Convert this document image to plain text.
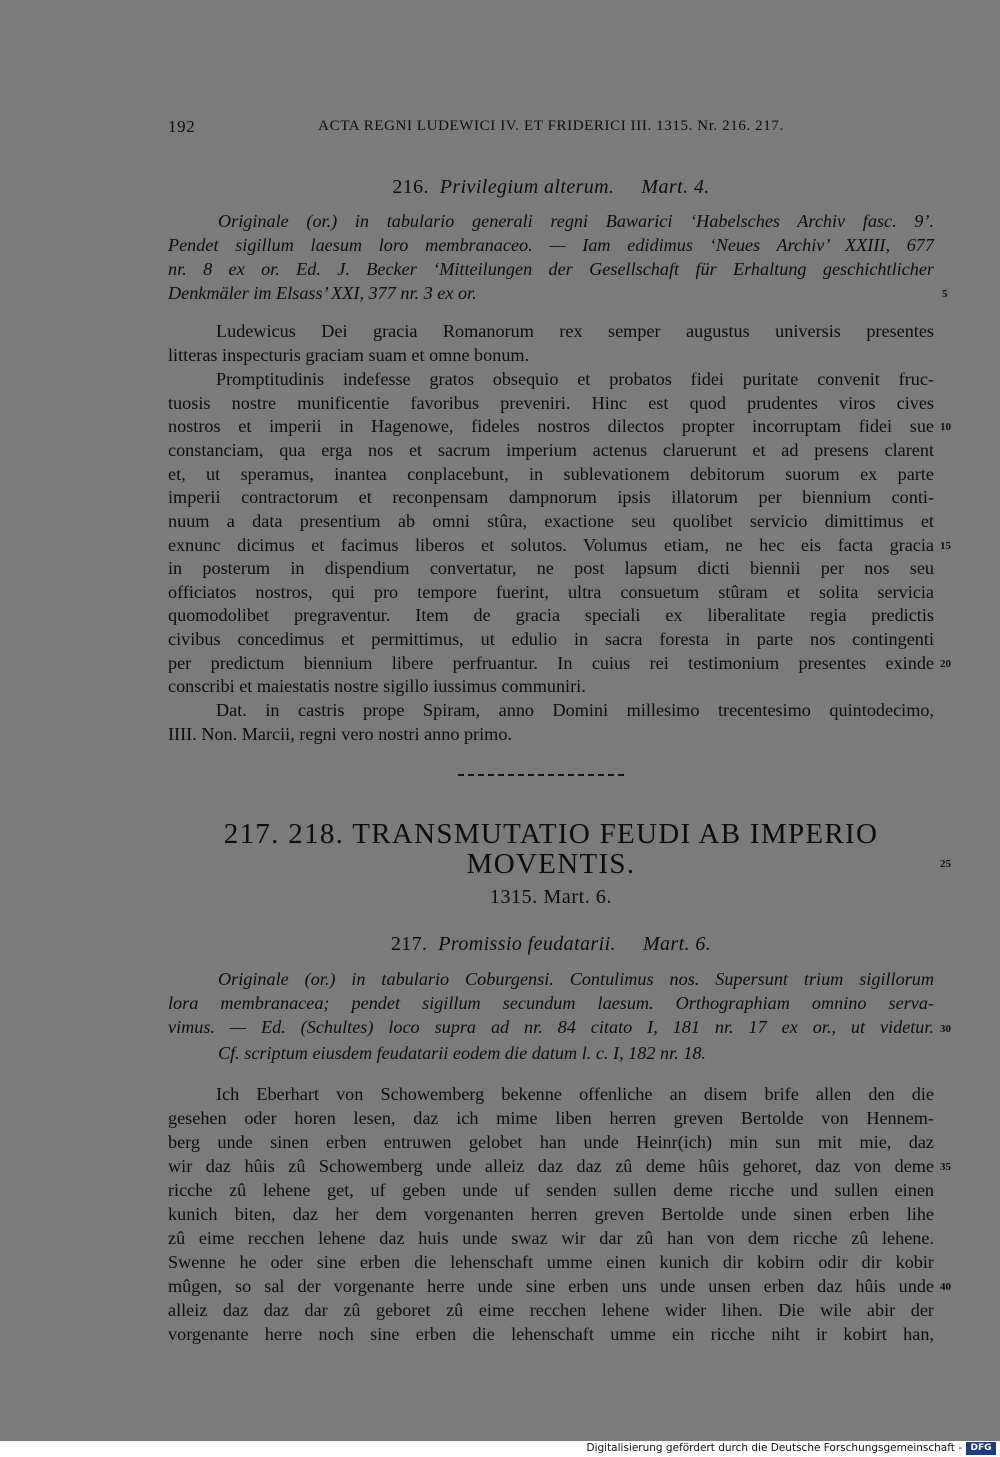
192	ACTA REGNI LUDEWICI IV. ET FRIDERICI III. 1315. Nr. 216. 217.
216. Privilegium alterum. Mart. 4.
Originale (or.) in tabulario generali regni Bawarici ‘Habelsches Archiv fasc. 9’.
Pendet sigillum laesum loro membranaceo. — Iam edidimus ‘Neues Archiv’ XXIII, 677
nr. 8 ex or. Ed. J. Becker ‘Mitteilungen der Gesellschaft für Erhaltung geschichtlicher
Denkmäler im Elsass’ XXI, 377 nr. 3 ex or.
Ludewicus Dei gracia Romanorum rex semper augustus universis presentes
litteras inspecturis graciam suam et omne bonum.
Promptitudinis indefesse gratos obsequio et probatos fidei puritate convenit fruc-
tuosis nostre munificentie favoribus preveniri. Hinc est quod prudentes viros cives
nostros et imperii in Hagenowe, fideles nostros dilectos propter incorruptam fidei sue
constanciam, qua erga nos et sacrum imperium actenus claruerunt et ad presens clarent
et, ut speramus, inantea conplacebunt, in sublevationem debitorum suorum ex parte
imperii contractorum et reconpensam dampnorum ipsis illatorum per biennium conti-
nuum a data presentium ab omni stûra, exactione seu quolibet servicio dimittimus et
exnunc dicimus et facimus liberos et solutos. Volumus etiam, ne hec eis facta gracia
in posterum in dispendium convertatur, ne post lapsum dicti biennii per nos seu
officiatos nostros, qui pro tempore fuerint, ultra consuetum stûram et solita servicia
quomodolibet pregraventur. Item de gracia speciali ex liberalitate regia predictis
civibus concedimus et permittimus, ut edulio in sacra foresta in parte nos contingenti
per predictum biennium libere perfruantur. In cuius rei testimonium presentes exinde
conscribi et maiestatis nostre sigillo iussimus communiri.
Dat. in castris prope Spiram, anno Domini millesimo trecentesimo quintodecimo,
IIII. Non. Marcii, regni vero nostri anno primo.
217. 218. TRANSMUTATIO FEUDI AB IMPERIO
MOVENTIS.
1315. Mart. 6.
217. Promissio feudatarii. Mart. 6.
Originale (or.) in tabulario Coburgensi. Contulimus nos. Supersunt trium sigillorum
lora membranacea; pendet sigillum secundum laesum. Orthographiam omnino serva-
vimus. — Ed. (Schultes) loco supra ad nr. 84 citato I, 181 nr. 17 ex or., ut videtur.
Cf. scriptum eiusdem feudatarii eodem die datum l. c. I, 182 nr. 18.
Ich Eberhart von Schowemberg bekenne offenliche an disem brife allen den die
gesehen oder horen lesen, daz ich mime liben herren greven Bertolde von Hennem-
berg unde sinen erben entruwen gelobet han unde Heinr(ich) min sun mit mie, daz
wir daz hûis zû Schowemberg unde alleiz daz daz zû deme hûis gehoret, daz von deme
ricche zû lehene get, uf geben unde uf senden sullen deme ricche und sullen einen
kunich biten, daz her dem vorgenanten herren greven Bertolde unde sinen erben lihe
zû eime recchen lehene daz huis unde swaz wir dar zû han von dem ricche zû lehene.
Swenne he oder sine erben die lehenschaft umme einen kunich dir kobirn odir dir kobir
mûgen, so sal der vorgenante herre unde sine erben uns unde unsen erben daz hûis unde
alleiz daz daz dar zû geboret zû eime recchen lehene wider lihen. Die wile abir der
vorgenante herre noch sine erben die lehenschaft umme ein ricche niht ir kobirt han,
5
10
15
20
25
30
35
40
Digitalisierung gefördert durch die Deutsche Forschungsgemeinschaft - DFG
